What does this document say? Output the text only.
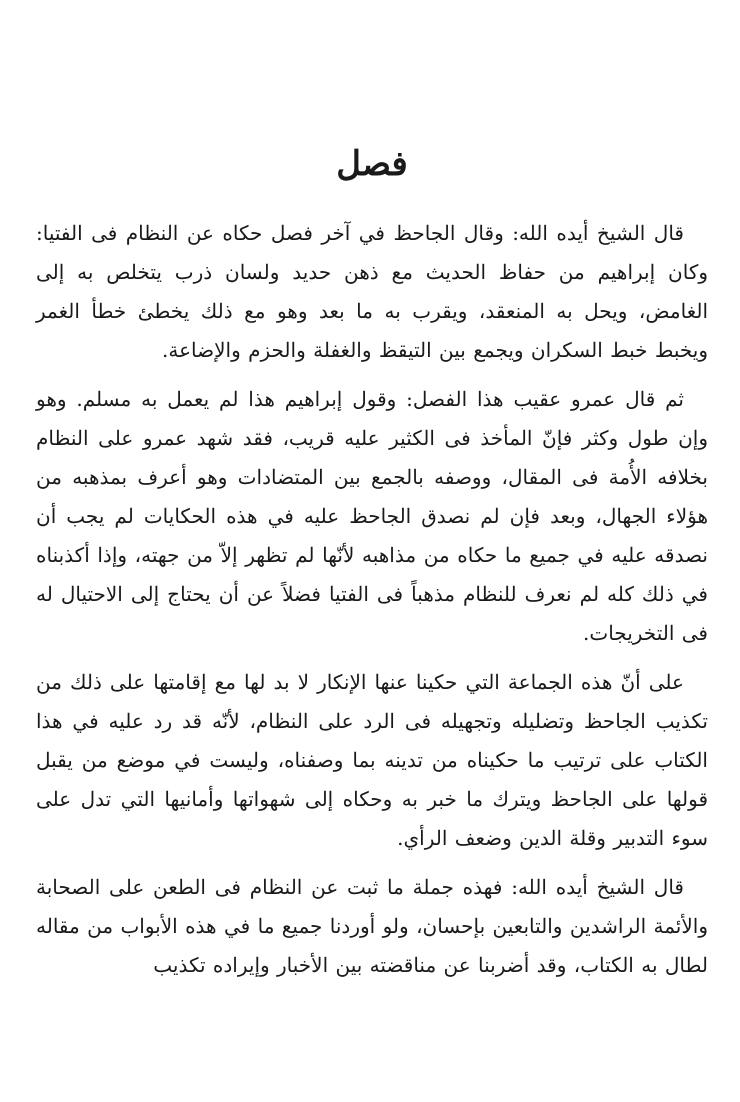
فصل

قال الشيخ أيده الله: وقال الجاحظ في آخر فصل حكاه عن النظام فى الفتيا: وكان إبراهيم من حفاظ الحديث مع ذهن حديد ولسان ذرب يتخلص به إلى الغامض، ويحل به المنعقد، ويقرب به ما بعد وهو مع ذلك يخطئ خطأ الغمر ويخبط خبط السكران ويجمع بين التيقظ والغفلة والحزم والإضاعة.

ثم قال عمرو عقيب هذا الفصل: وقول إبراهيم هذا لم يعمل به مسلم. وهو وإن طول وكثر فإنّ المأخذ فى الكثير عليه قريب، فقد شهد عمرو على النظام بخلافه الأُمة فى المقال، ووصفه بالجمع بين المتضادات وهو أعرف بمذهبه من هؤلاء الجهال، وبعد فإن لم نصدق الجاحظ عليه في هذه الحكايات لم يجب أن نصدقه عليه في جميع ما حكاه من مذاهبه لأنّها لم تظهر إلاّ من جهته، وإذا أكذبناه في ذلك كله لم نعرف للنظام مذهباً فى الفتيا فضلاً عن أن يحتاج إلى الاحتيال له فى التخريجات.

على أنّ هذه الجماعة التي حكينا عنها الإنكار لا بد لها مع إقامتها على ذلك من تكذيب الجاحظ وتضليله وتجهيله فى الرد على النظام، لأنّه قد رد عليه في هذا الكتاب على ترتيب ما حكيناه من تدينه بما وصفناه، وليست في موضع من يقبل قولها على الجاحظ ويترك ما خبر به وحكاه إلى شهواتها وأمانيها التي تدل على سوء التدبير وقلة الدين وضعف الرأي.

قال الشيخ أيده الله: فهذه جملة ما ثبت عن النظام فى الطعن على الصحابة والأئمة الراشدين والتابعين بإحسان، ولو أوردنا جميع ما في هذه الأبواب من مقاله لطال به الكتاب، وقد أضربنا عن مناقضته بين الأخبار وإيراده تكذيب
